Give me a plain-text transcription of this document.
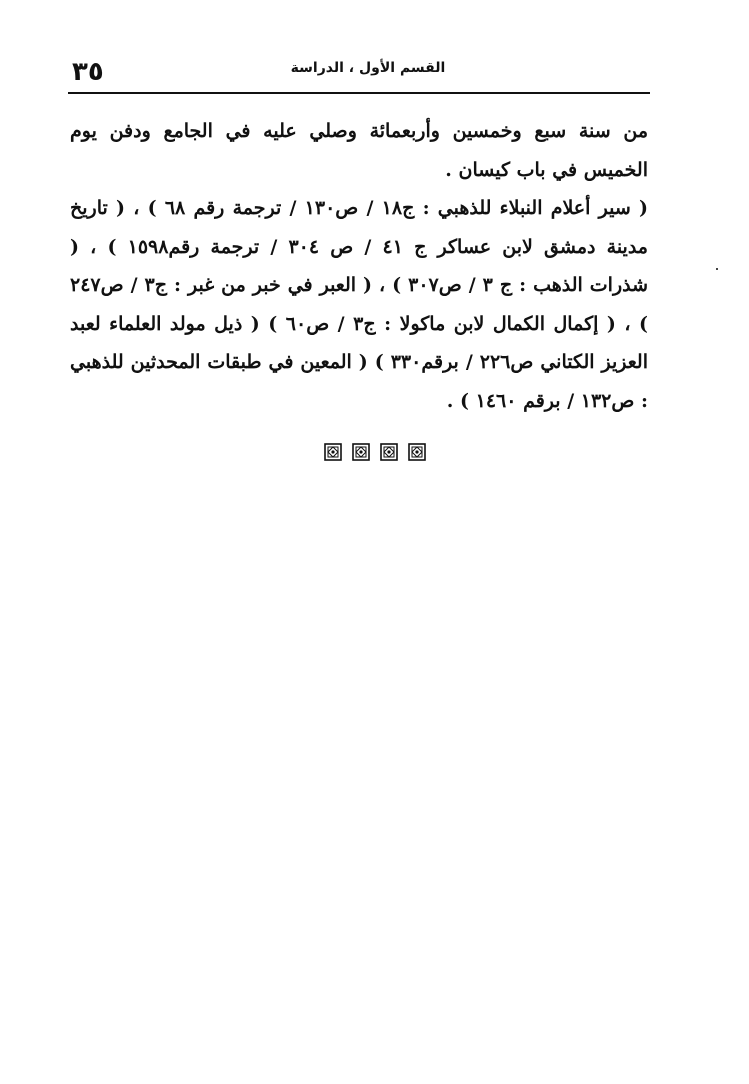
٣٥	القسم الأول ، الدراسة

من سنة سبع وخمسين وأربعمائة وصلي عليه في الجامع ودفن يوم الخميس في باب كيسان .

( سير أعلام النبلاء للذهبي : ج١٨ / ص١٣٠ / ترجمة رقم ٦٨ ) ، ( تاريخ مدينة دمشق لابن عساكر ج ٤١ / ص ٣٠٤ / ترجمة رقم١٥٩٨ ) ، ( شذرات الذهب : ج ٣ / ص٣٠٧ ) ، ( العبر في خبر من غبر : ج٣ / ص٢٤٧ ) ، ( إكمال الكمال لابن ماكولا : ج٣ / ص٦٠ ) ( ذيل مولد العلماء لعبد العزيز الكتاني ص٢٢٦ / برقم٣٣٠ ) ( المعين في طبقات المحدثين للذهبي : ص١٣٢ / برقم ١٤٦٠ ) .
